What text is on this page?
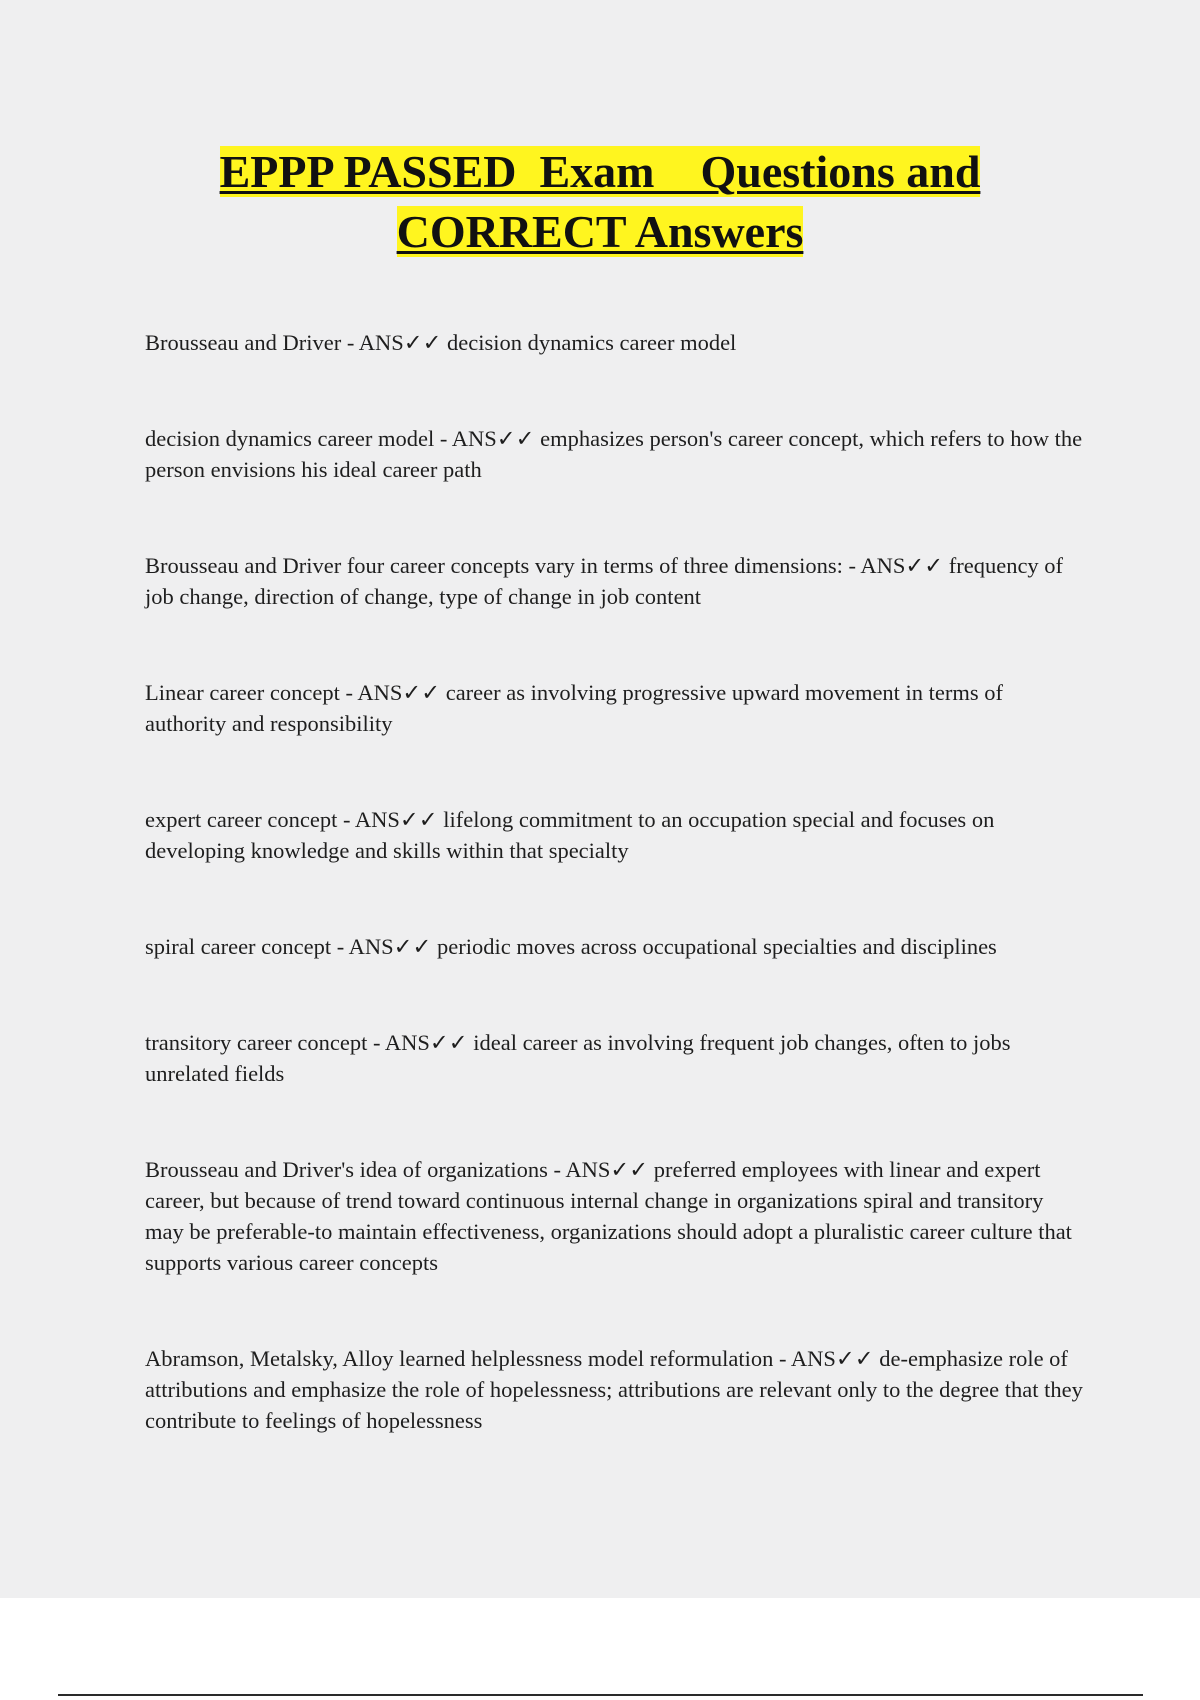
EPPP PASSED  Exam    Questions and
CORRECT Answers

Brousseau and Driver - ANS✓✓ decision dynamics career model

decision dynamics career model - ANS✓✓ emphasizes person's career concept, which refers to how the person envisions his ideal career path

Brousseau and Driver four career concepts vary in terms of three dimensions: - ANS✓✓ frequency of job change, direction of change, type of change in job content

Linear career concept - ANS✓✓ career as involving progressive upward movement in terms of authority and responsibility

expert career concept - ANS✓✓ lifelong commitment to an occupation special and focuses on developing knowledge and skills within that specialty

spiral career concept - ANS✓✓ periodic moves across occupational specialties and disciplines

transitory career concept - ANS✓✓ ideal career as involving frequent job changes, often to jobs unrelated fields

Brousseau and Driver's idea of organizations - ANS✓✓ preferred employees with linear and expert career, but because of trend toward continuous internal change in organizations spiral and transitory may be preferable-to maintain effectiveness, organizations should adopt a pluralistic career culture that supports various career concepts

Abramson, Metalsky, Alloy learned helplessness model reformulation - ANS✓✓ de-emphasize role of attributions and emphasize the role of hopelessness; attributions are relevant only to the degree that they contribute to feelings of hopelessness
